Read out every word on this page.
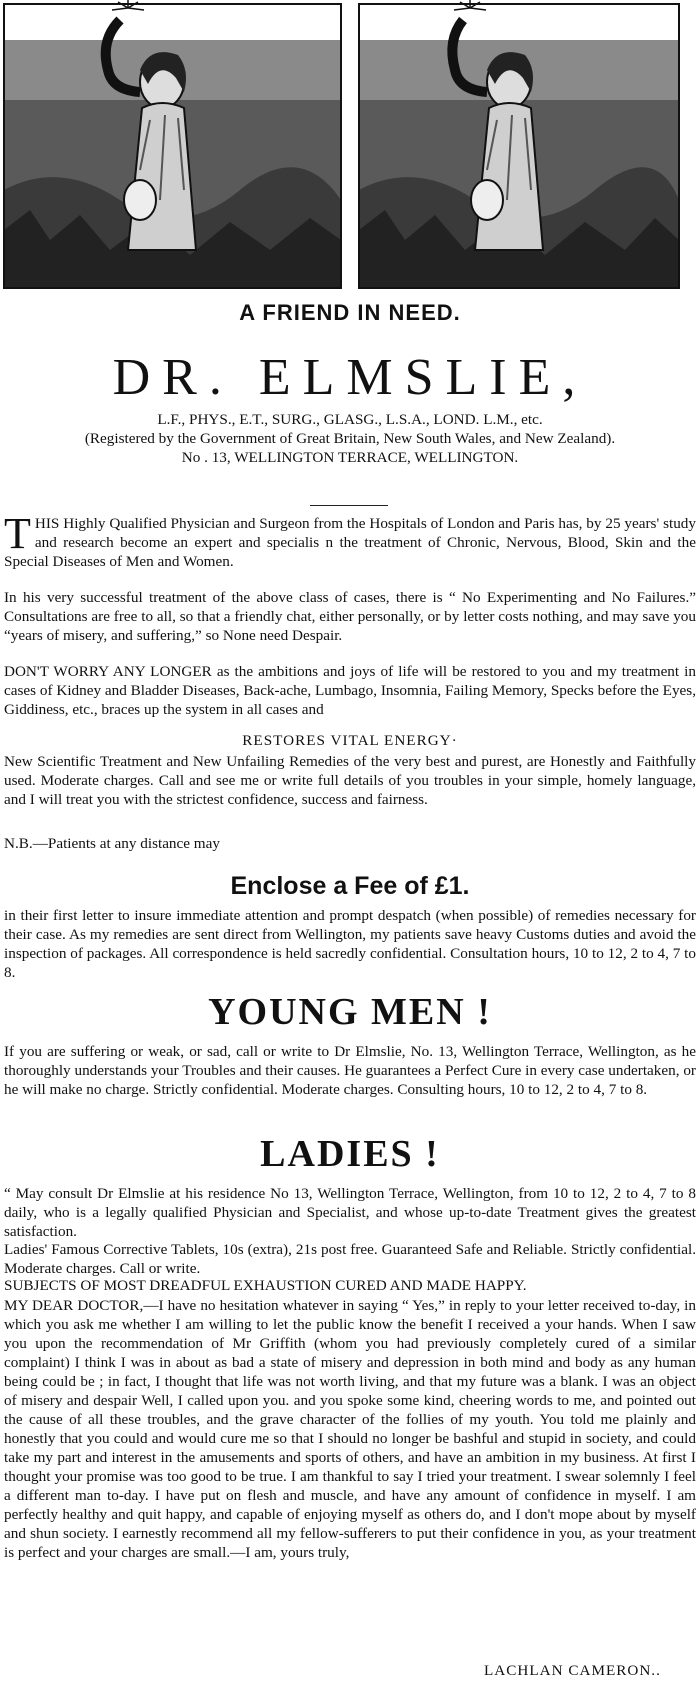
A FRIEND IN NEED.
DR. ELMSLIE,
L.F., PHYS., E.T., SURG., GLASG., L.S.A., LOND. L.M., etc.
(Registered by the Government of Great Britain, New South Wales, and New Zealand).
No . 13, WELLINGTON TERRACE, WELLINGTON.
THIS Highly Qualified Physician and Surgeon from the Hospitals of London and Paris has, by 25 years' study and research become an expert and specialis n the treatment of Chronic, Nervous, Blood, Skin and the Special Diseases of Men and Women.
In his very successful treatment of the above class of cases, there is “ No Experimenting and No Failures.” Consultations are free to all, so that a friendly chat, either personally, or by letter costs nothing, and may save you “years of misery, and suffering,” so None need Despair.
DON'T WORRY ANY LONGER as the ambitions and joys of life will be restored to you and my treatment in cases of Kidney and Bladder Diseases, Back-ache, Lumbago, Insomnia, Failing Memory, Specks before the Eyes, Giddiness, etc., braces up the system in all cases and
RESTORES VITAL ENERGY·
New Scientific Treatment and New Unfailing Remedies of the very best and purest, are Honestly and Faithfully used. Moderate charges. Call and see me or write full details of you troubles in your simple, homely language, and I will treat you with the strictest confidence, success and fairness.
N.B.—Patients at any distance may
Enclose a Fee of £1.
in their first letter to insure immediate attention and prompt despatch (when possible) of remedies necessary for their case. As my remedies are sent direct from Wellington, my patients save heavy Customs duties and avoid the inspection of packages. All correspondence is held sacredly confidential. Consultation hours, 10 to 12, 2 to 4, 7 to 8.
YOUNG MEN !
If you are suffering or weak, or sad, call or write to Dr Elmslie, No. 13, Wellington Terrace, Wellington, as he thoroughly understands your Troubles and their causes. He guarantees a Perfect Cure in every case undertaken, or he will make no charge. Strictly confidential. Moderate charges. Consulting hours, 10 to 12, 2 to 4, 7 to 8.
LADIES !
“ May consult Dr Elmslie at his residence No 13, Wellington Terrace, Wellington, from 10 to 12, 2 to 4, 7 to 8 daily, who is a legally qualified Physician and Specialist, and whose up-to-date Treatment gives the greatest satisfaction.
Ladies' Famous Corrective Tablets, 10s (extra), 21s post free. Guaranteed Safe and Reliable. Strictly confidential. Moderate charges. Call or write.
SUBJECTS OF MOST DREADFUL EXHAUSTION CURED AND MADE HAPPY.
MY DEAR DOCTOR,—I have no hesitation whatever in saying “ Yes,” in reply to your letter received to-day, in which you ask me whether I am willing to let the public know the benefit I received a your hands. When I saw you upon the recommendation of Mr Griffith (whom you had previously completely cured of a similar complaint) I think I was in about as bad a state of misery and depression in both mind and body as any human being could be ; in fact, I thought that life was not worth living, and that my future was a blank. I was an object of misery and despair Well, I called upon you. and you spoke some kind, cheering words to me, and pointed out the cause of all these troubles, and the grave character of the follies of my youth. You told me plainly and honestly that you could and would cure me so that I should no longer be bashful and stupid in society, and could take my part and interest in the amusements and sports of others, and have an ambition in my business. At first I thought your promise was too good to be true. I am thankful to say I tried your treatment. I swear solemnly I feel a different man to-day. I have put on flesh and muscle, and have any amount of confidence in myself. I am perfectly healthy and quit happy, and capable of enjoying myself as others do, and I don't mope about by myself and shun society. I earnestly recommend all my fellow-sufferers to put their confidence in you, as your treatment is perfect and your charges are small.—I am, yours truly,
LACHLAN CAMERON..
